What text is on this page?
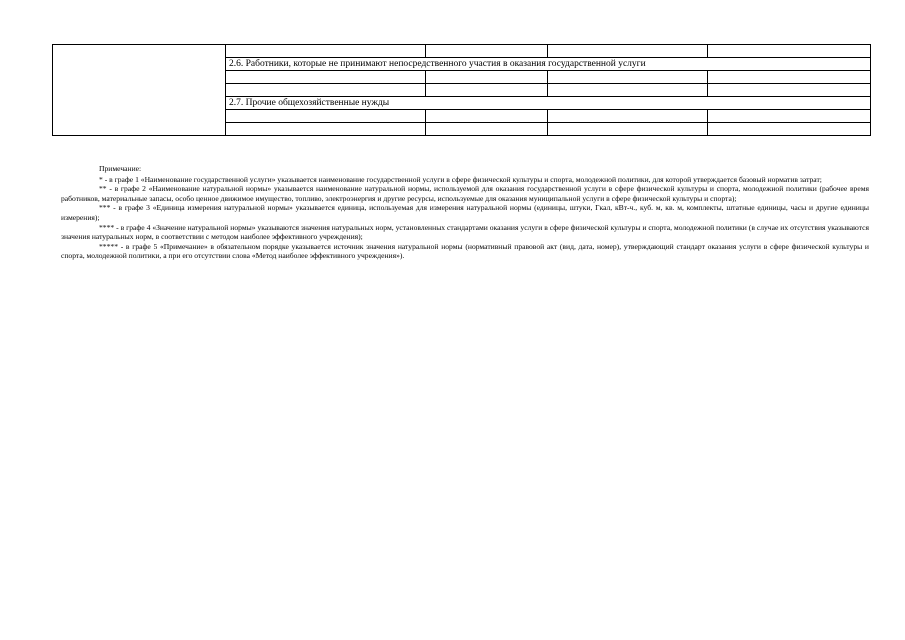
	2.6. Работники, которые не принимают непосредственного участия в оказания государственной услуги			

	2.7. Прочие общехозяйственные нужды			

Примечание:

* - в графе 1 «Наименование государственной услуги» указывается наименование государственной услуги в сфере физической культуры и спорта, молодежной политики, для которой утверждается базовый норматив затрат;

** - в графе 2 «Наименование натуральной нормы» указывается наименование натуральной нормы, используемой для оказания государственной услуги в сфере физической культуры и спорта, молодежной политики (рабочее время работников, материальные запасы, особо ценное движимое имущество, топливо, электроэнергия и другие ресурсы, используемые для оказания муниципальной услуги в сфере физической культуры и спорта);

*** - в графе 3 «Единица измерения натуральной нормы» указывается единица, используемая для измерения натуральной нормы (единицы, штуки, Гкал, кВт-ч., куб. м, кв. м, комплекты, штатные единицы, часы и другие единицы измерения);

**** - в графе 4 «Значение натуральной нормы» указываются значения натуральных норм, установленных стандартами оказания услуги в сфере физической культуры и спорта, молодежной политики (в случае их отсутствия указываются значения натуральных норм, в соответствии с методом наиболее эффективного учреждения);

***** - в графе 5 «Примечание» в обязательном порядке указывается источник значения натуральной нормы (нормативный правовой акт (вид, дата, номер), утверждающий стандарт оказания услуги в сфере физической культуры и спорта, молодежной политики, а при его отсутствии слова «Метод наиболее эффективного учреждения»).
